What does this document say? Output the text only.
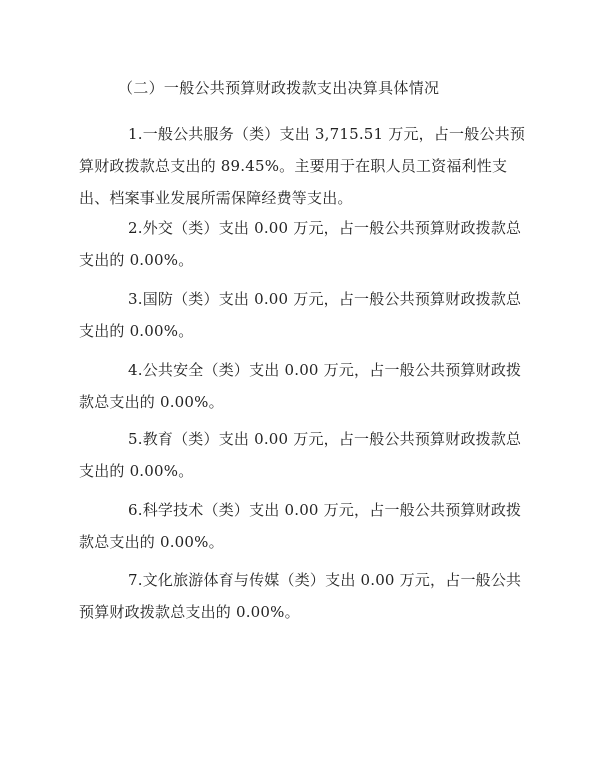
（二）一般公共预算财政拨款支出决算具体情况
1.一般公共服务（类）支出 3,715.51 万元，占一般公共预
算财政拨款总支出的 89.45%。主要用于在职人员工资福利性支
出、档案事业发展所需保障经费等支出。
2.外交（类）支出 0.00 万元，占一般公共预算财政拨款总
支出的 0.00%。
3.国防（类）支出 0.00 万元，占一般公共预算财政拨款总
支出的 0.00%。
4.公共安全（类）支出 0.00 万元，占一般公共预算财政拨
款总支出的 0.00%。
5.教育（类）支出 0.00 万元，占一般公共预算财政拨款总
支出的 0.00%。
6.科学技术（类）支出 0.00 万元，占一般公共预算财政拨
款总支出的 0.00%。
7.文化旅游体育与传媒（类）支出 0.00 万元，占一般公共
预算财政拨款总支出的 0.00%。
